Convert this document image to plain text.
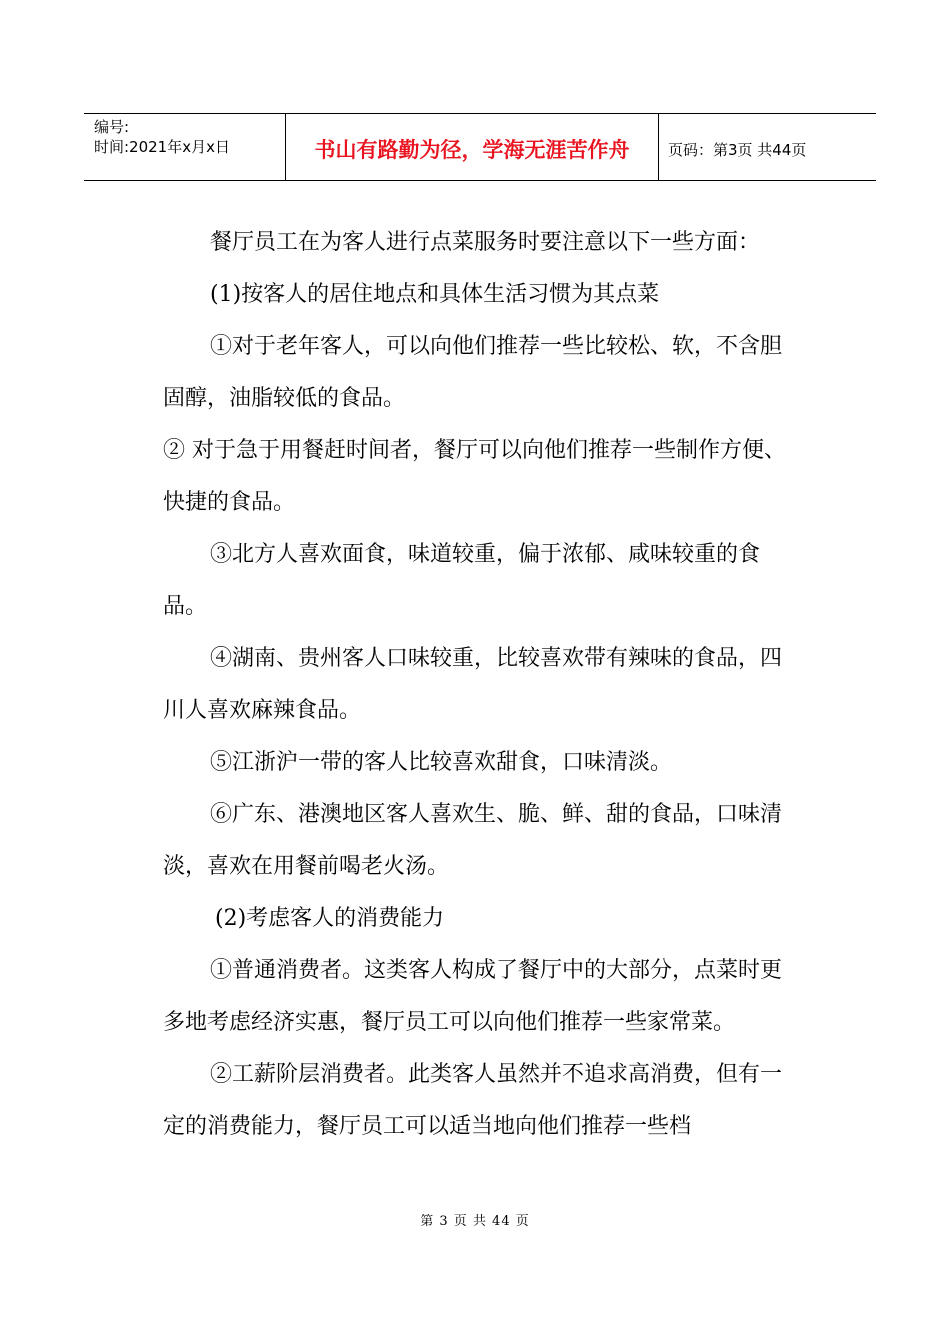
编号:
时间:2021年x月x日	书山有路勤为径，学海无涯苦作舟	页码：第3页 共44页

餐厅员工在为客人进行点菜服务时要注意以下一些方面：

(1)按客人的居住地点和具体生活习惯为其点菜

①对于老年客人，可以向他们推荐一些比较松、软，不含胆固醇，油脂较低的食品。

② 对于急于用餐赶时间者，餐厅可以向他们推荐一些制作方便、快捷的食品。

③北方人喜欢面食，味道较重，偏于浓郁、咸味较重的食品。

④湖南、贵州客人口味较重，比较喜欢带有辣味的食品，四川人喜欢麻辣食品。

⑤江浙沪一带的客人比较喜欢甜食，口味清淡。

⑥广东、港澳地区客人喜欢生、脆、鲜、甜的食品，口味清淡，喜欢在用餐前喝老火汤。

(2)考虑客人的消费能力

①普通消费者。这类客人构成了餐厅中的大部分，点菜时更多地考虑经济实惠，餐厅员工可以向他们推荐一些家常菜。

②工薪阶层消费者。此类客人虽然并不追求高消费，但有一定的消费能力，餐厅员工可以适当地向他们推荐一些档

第 3 页 共 44 页
